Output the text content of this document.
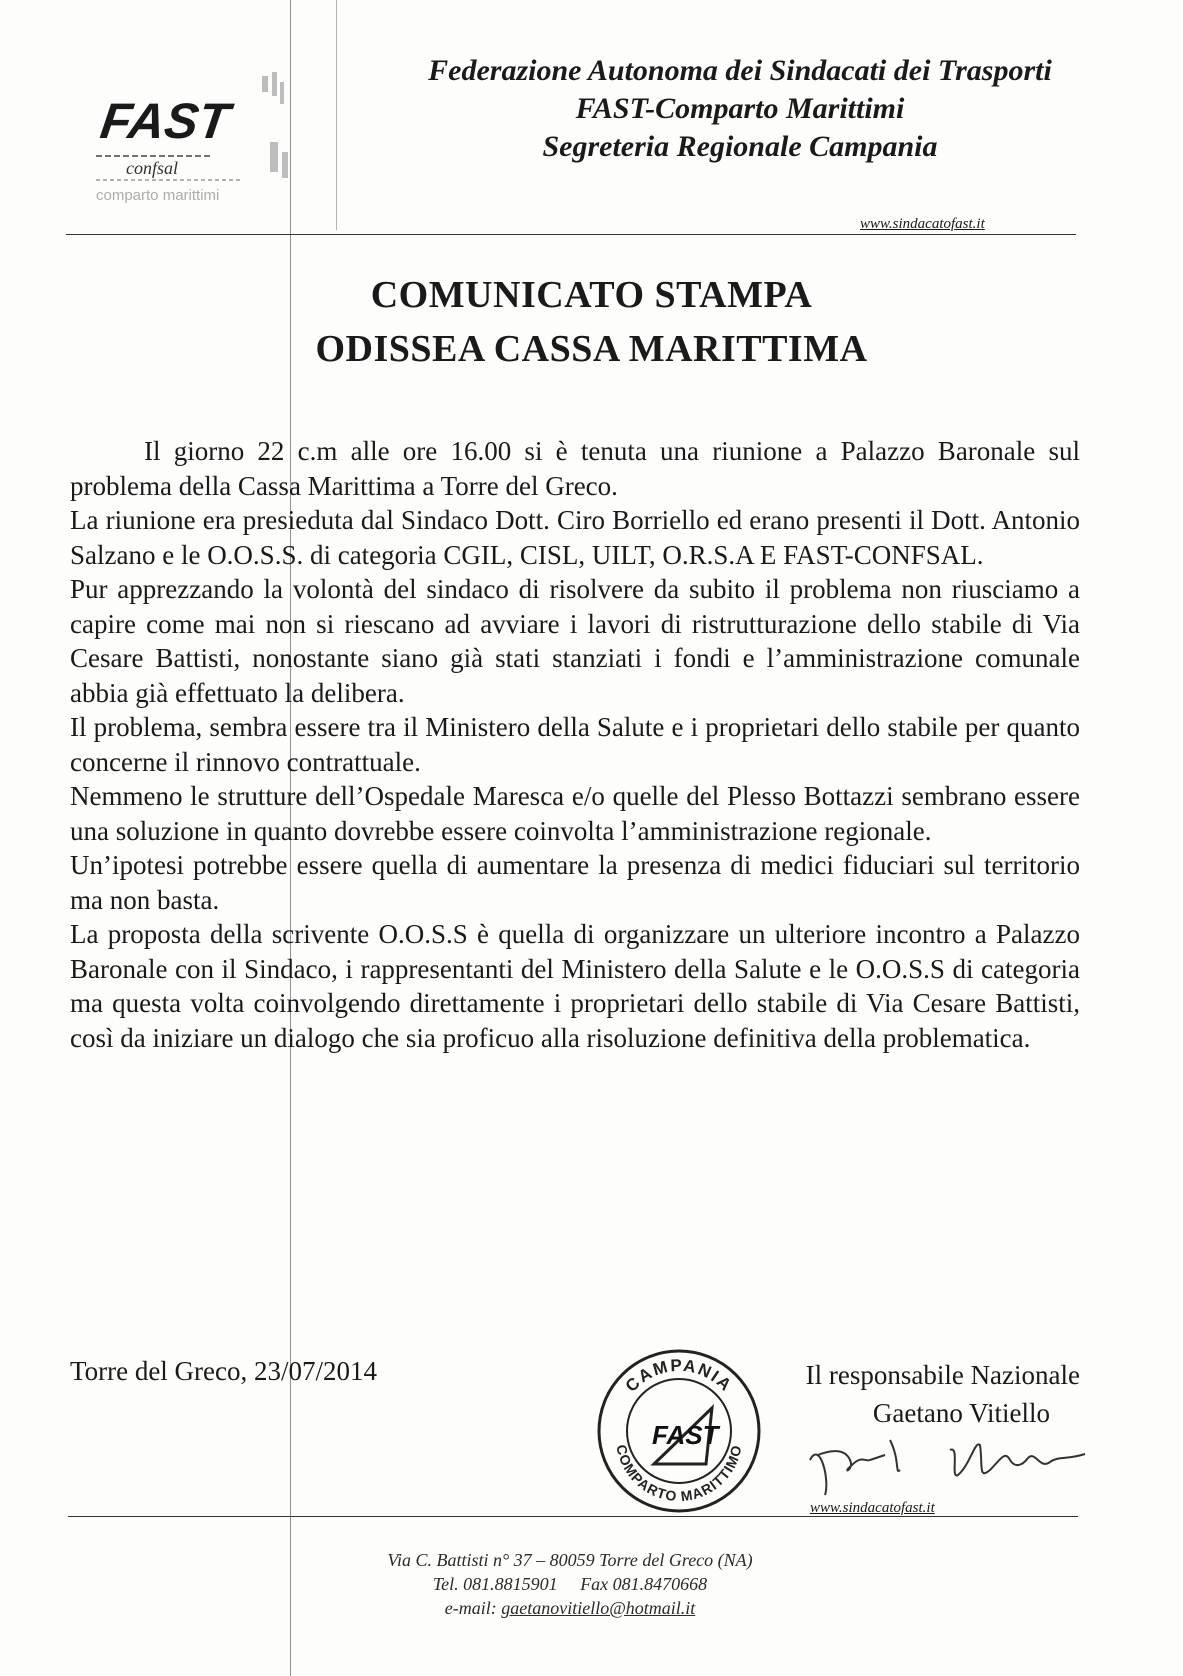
FAST
confsal
comparto marittimi
Federazione Autonoma dei Sindacati dei Trasporti
FAST-Comparto Marittimi
Segreteria Regionale Campania
www.sindacatofast.it
COMUNICATO STAMPA
ODISSEA CASSA MARITTIMA

Il giorno 22 c.m alle ore 16.00 si è tenuta una riunione a Palazzo Baronale sul problema della Cassa Marittima a Torre del Greco.

La riunione era presieduta dal Sindaco Dott. Ciro Borriello ed erano presenti il Dott. Antonio Salzano e le O.O.S.S. di categoria CGIL, CISL, UILT, O.R.S.A E FAST-CONFSAL.

Pur apprezzando la volontà del sindaco di risolvere da subito il problema non riusciamo a capire come mai non si riescano ad avviare i lavori di ristrutturazione dello stabile di Via Cesare Battisti, nonostante siano già stati stanziati i fondi e l’amministrazione comunale abbia già effettuato la delibera.

Il problema, sembra essere tra il Ministero della Salute e i proprietari dello stabile per quanto concerne il rinnovo contrattuale.

Nemmeno le strutture dell’Ospedale Maresca e/o quelle del Plesso Bottazzi sembrano essere una soluzione in quanto dovrebbe essere coinvolta l’amministrazione regionale.

Un’ipotesi potrebbe essere quella di aumentare la presenza di medici fiduciari sul territorio ma non basta.

La proposta della scrivente O.O.S.S è quella di organizzare un ulteriore incontro a Palazzo Baronale con il Sindaco, i rappresentanti del Ministero della Salute e le O.O.S.S di categoria ma questa volta coinvolgendo direttamente i proprietari dello stabile di Via Cesare Battisti, così da iniziare un dialogo che sia proficuo alla risoluzione definitiva della problematica.

Torre del Greco, 23/07/2014	Il responsabile Nazionale
Gaetano Vitiello
CAMPANIA
COMPARTO MARITTIMO
FAST
www.sindacatofast.it
Via C. Battisti n° 37 – 80059 Torre del Greco (NA)
Tel. 081.8815901 Fax 081.8470668
e-mail: gaetanovitiello@hotmail.it
